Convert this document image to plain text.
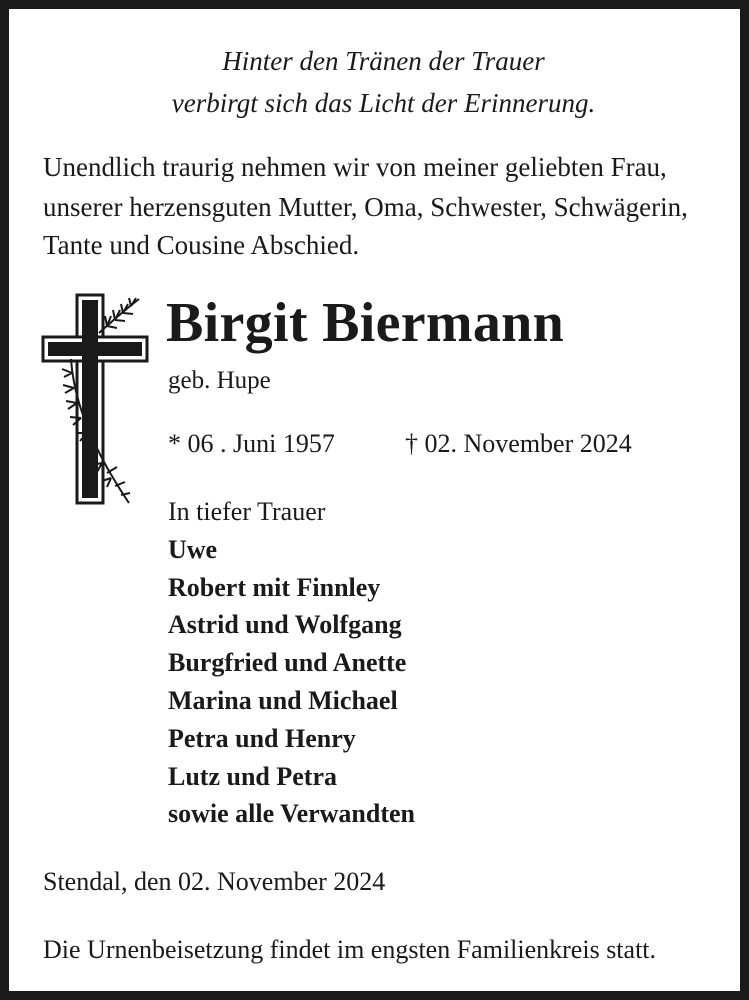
Hinter den Tränen der Trauer
verbirgt sich das Licht der Erinnerung.
Unendlich traurig nehmen wir von meiner geliebten Frau,
unserer herzensguten Mutter, Oma, Schwester, Schwägerin,
Tante und Cousine Abschied.
Birgit Biermann
geb. Hupe
* 06 . Juni 1957	† 02. November 2024
In tiefer Trauer
Uwe
Robert mit Finnley
Astrid und Wolfgang
Burgfried und Anette
Marina und Michael
Petra und Henry
Lutz und Petra
sowie alle Verwandten
Stendal, den 02. November 2024
Die Urnenbeisetzung findet im engsten Familienkreis statt.
